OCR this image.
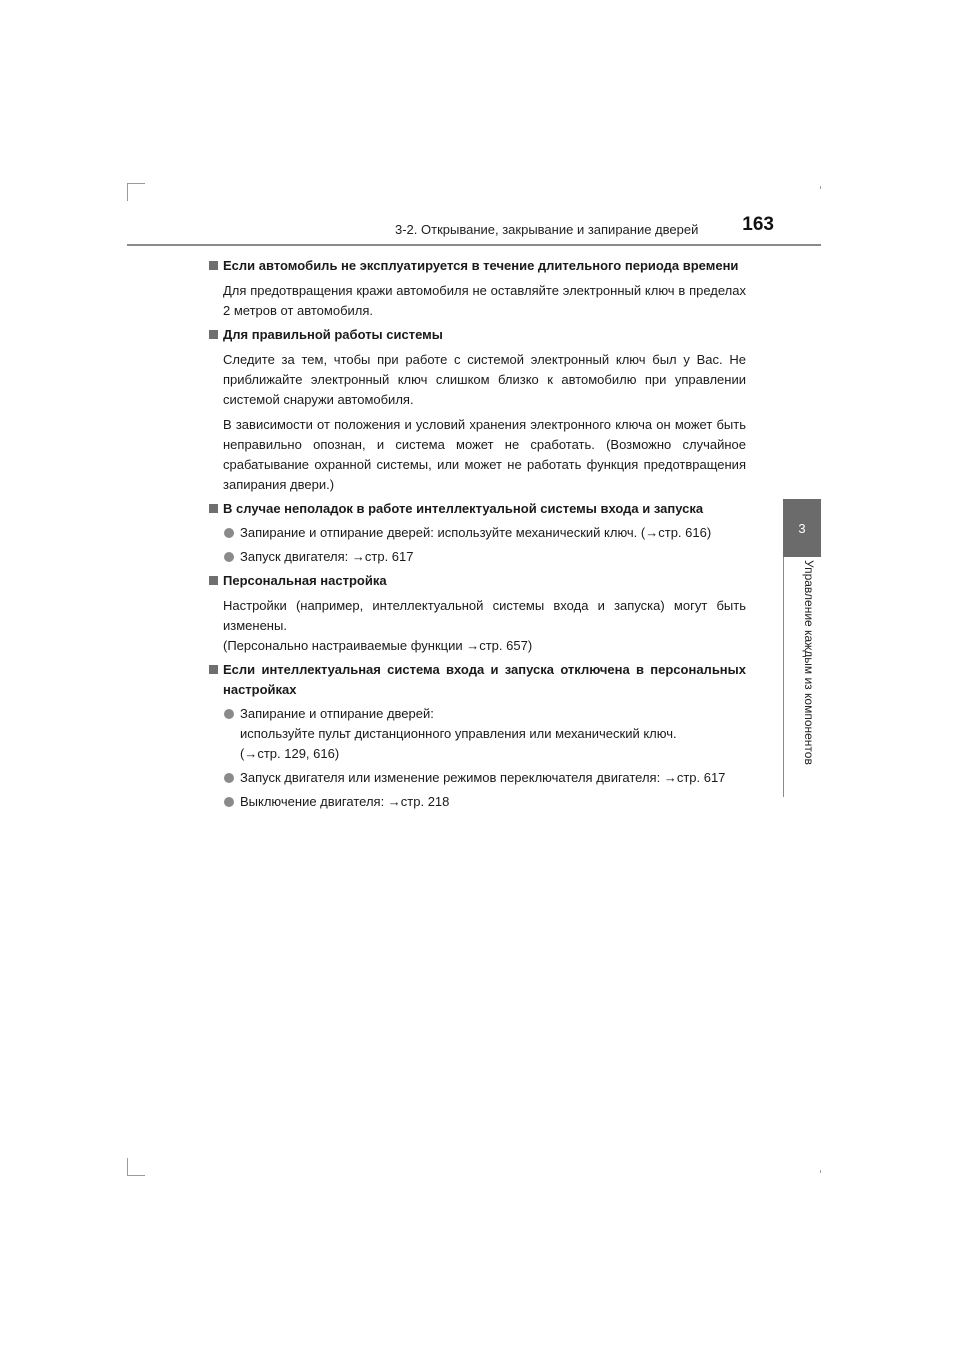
3-2. Открывание, закрывание и запирание дверей	163
3
Управление каждым из компонентов
Если автомобиль не эксплуатируется в течение длительного периода времени
Для предотвращения кражи автомобиля не оставляйте электронный ключ в пределах 2 метров от автомобиля.
Для правильной работы системы
Следите за тем, чтобы при работе с системой электронный ключ был у Вас. Не приближайте электронный ключ слишком близко к автомобилю при управлении системой снаружи автомобиля.
В зависимости от положения и условий хранения электронного ключа он может быть неправильно опознан, и система может не сработать. (Возможно случайное срабатывание охранной системы, или может не работать функция предотвращения запирания двери.)
В случае неполадок в работе интеллектуальной системы входа и запуска
Запирание и отпирание дверей: используйте механический ключ. (→стр. 616)
Запуск двигателя: →стр. 617
Персональная настройка
Настройки (например, интеллектуальной системы входа и запуска) могут быть изменены.
(Персонально настраиваемые функции →стр. 657)
Если интеллектуальная система входа и запуска отключена в персональных настройках
Запирание и отпирание дверей:
используйте пульт дистанционного управления или механический ключ.
(→стр. 129, 616)
Запуск двигателя или изменение режимов переключателя двигателя: →стр. 617
Выключение двигателя: →стр. 218
